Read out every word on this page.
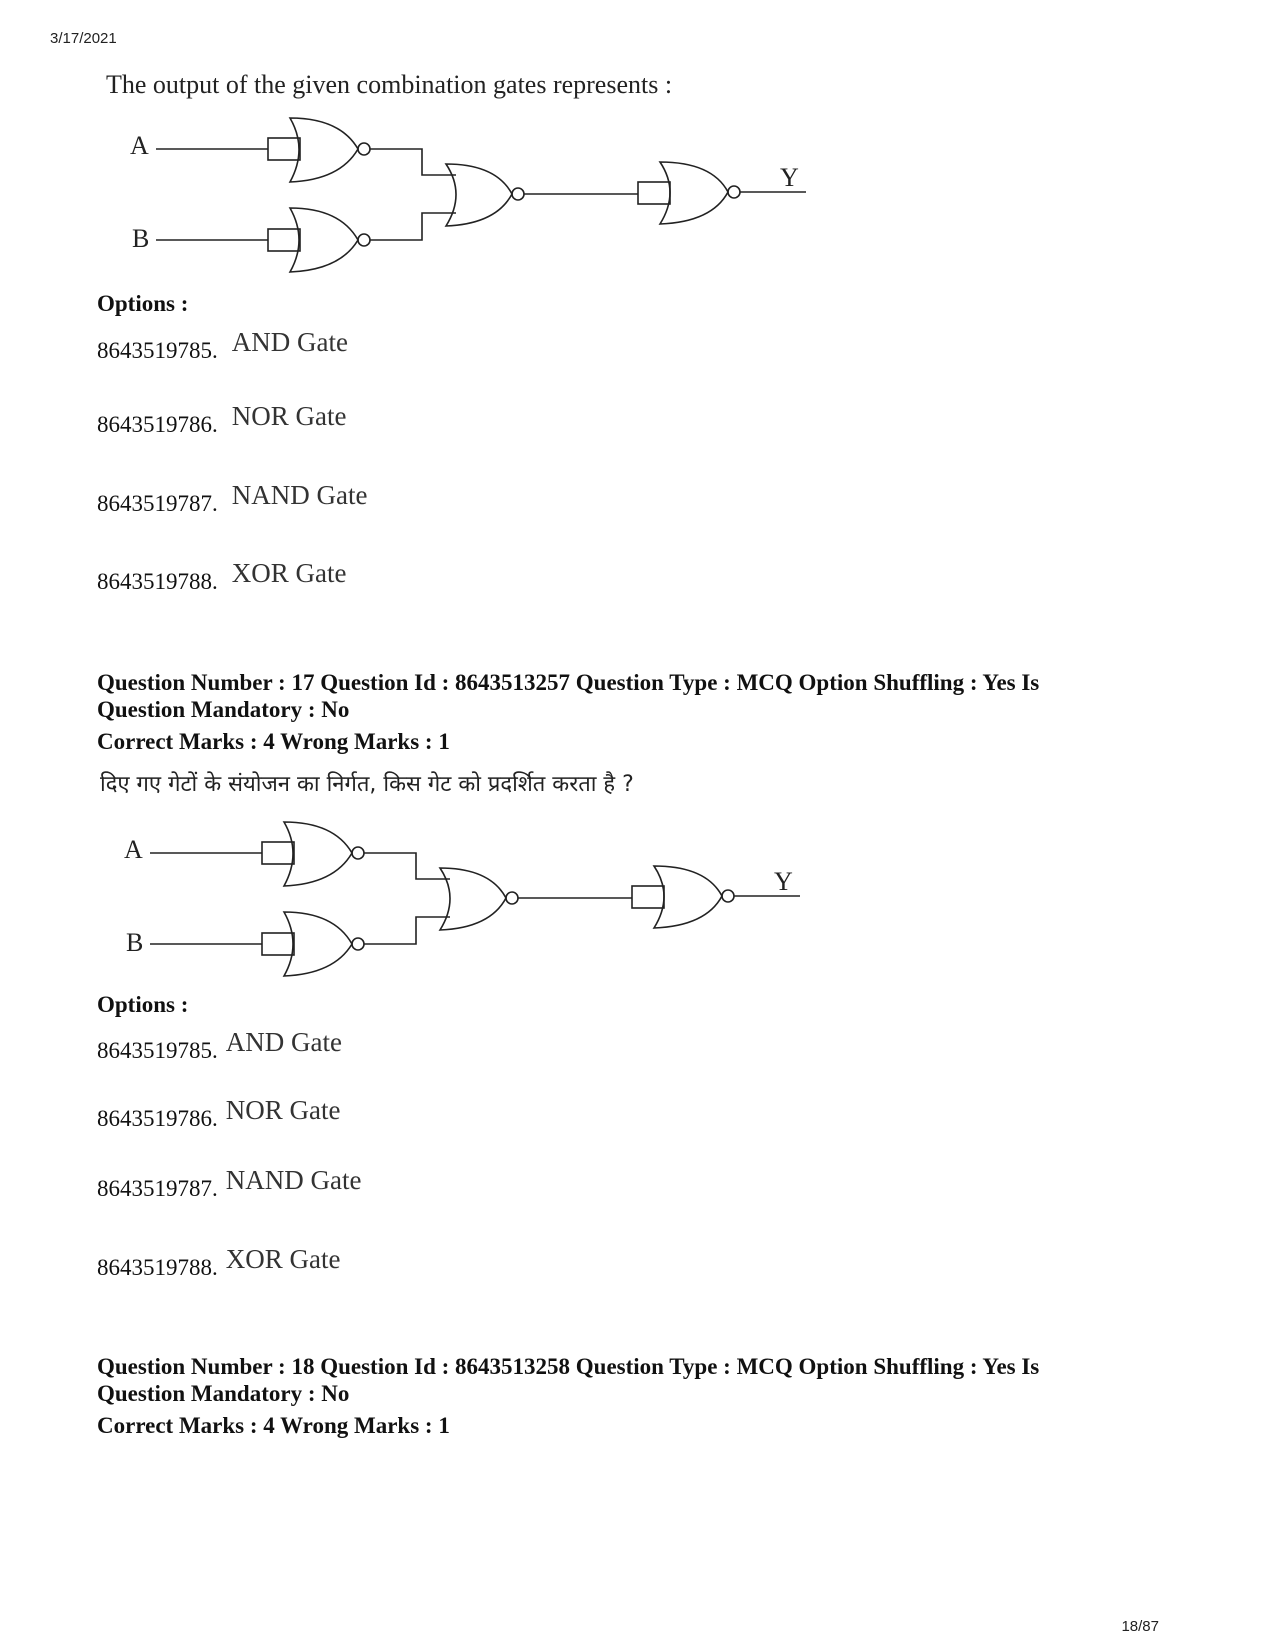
3/17/2021
The output of the given combination gates represents :
A
B
Y
Options :
8643519785. AND Gate
8643519786. NOR Gate
8643519787. NAND Gate
8643519788. XOR Gate
Question Number : 17 Question Id : 8643513257 Question Type : MCQ Option Shuffling : Yes Is
Question Mandatory : No
Correct Marks : 4 Wrong Marks : 1
दिए गए गेटों के संयोजन का निर्गत, किस गेट को प्रदर्शित करता है ?
A
B
Y
Options :
8643519785. AND Gate
8643519786. NOR Gate
8643519787. NAND Gate
8643519788. XOR Gate
Question Number : 18 Question Id : 8643513258 Question Type : MCQ Option Shuffling : Yes Is
Question Mandatory : No
Correct Marks : 4 Wrong Marks : 1
18/87
